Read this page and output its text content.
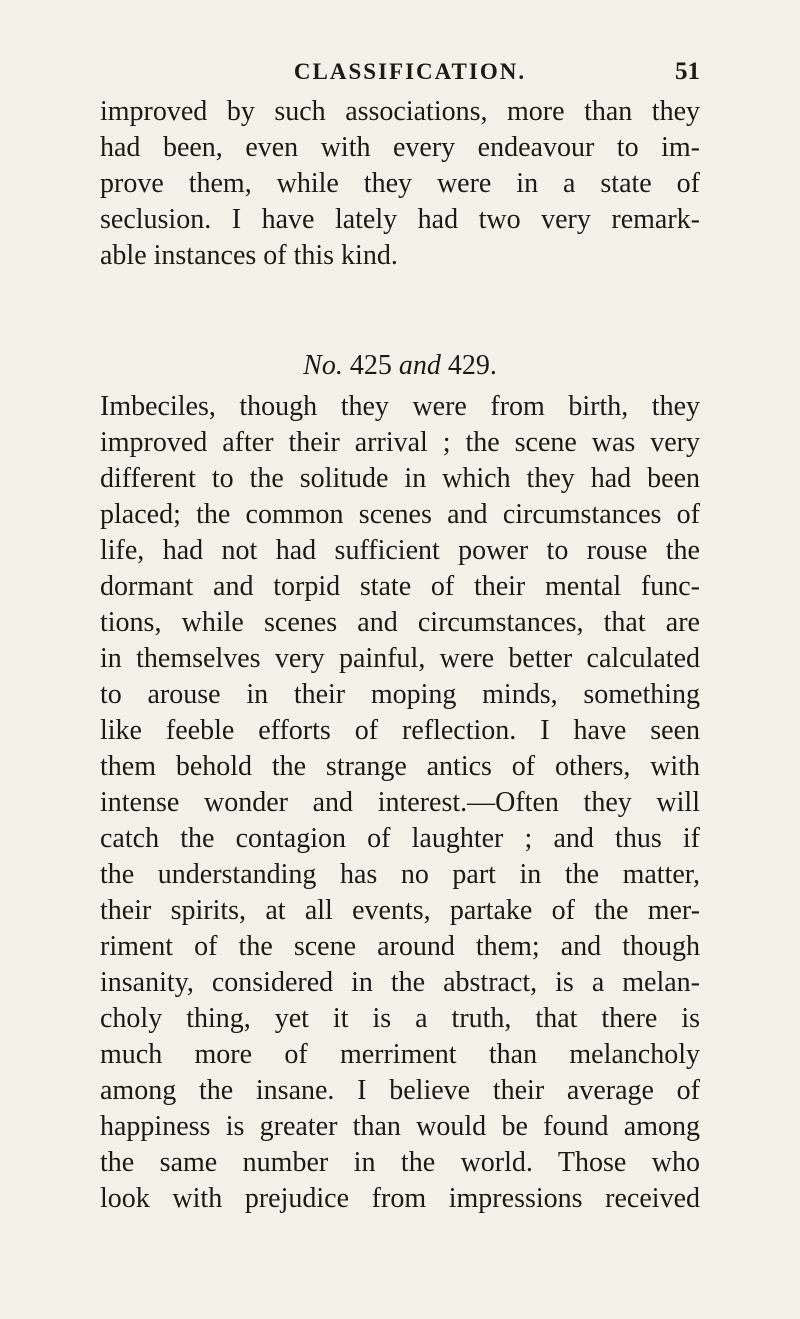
CLASSIFICATION.	51
improved by such associations, more than they
had been, even with every endeavour to im-
prove them, while they were in a state of
seclusion. I have lately had two very remark-
able instances of this kind.
No. 425 and 429.
Imbeciles, though they were from birth, they
improved after their arrival ; the scene was very
different to the solitude in which they had been
placed; the common scenes and circumstances of
life, had not had sufficient power to rouse the
dormant and torpid state of their mental func-
tions, while scenes and circumstances, that are
in themselves very painful, were better calculated
to arouse in their moping minds, something
like feeble efforts of reflection. I have seen
them behold the strange antics of others, with
intense wonder and interest.—Often they will
catch the contagion of laughter ; and thus if
the understanding has no part in the matter,
their spirits, at all events, partake of the mer-
riment of the scene around them; and though
insanity, considered in the abstract, is a melan-
choly thing, yet it is a truth, that there is
much more of merriment than melancholy
among the insane. I believe their average of
happiness is greater than would be found among
the same number in the world. Those who
look with prejudice from impressions received
